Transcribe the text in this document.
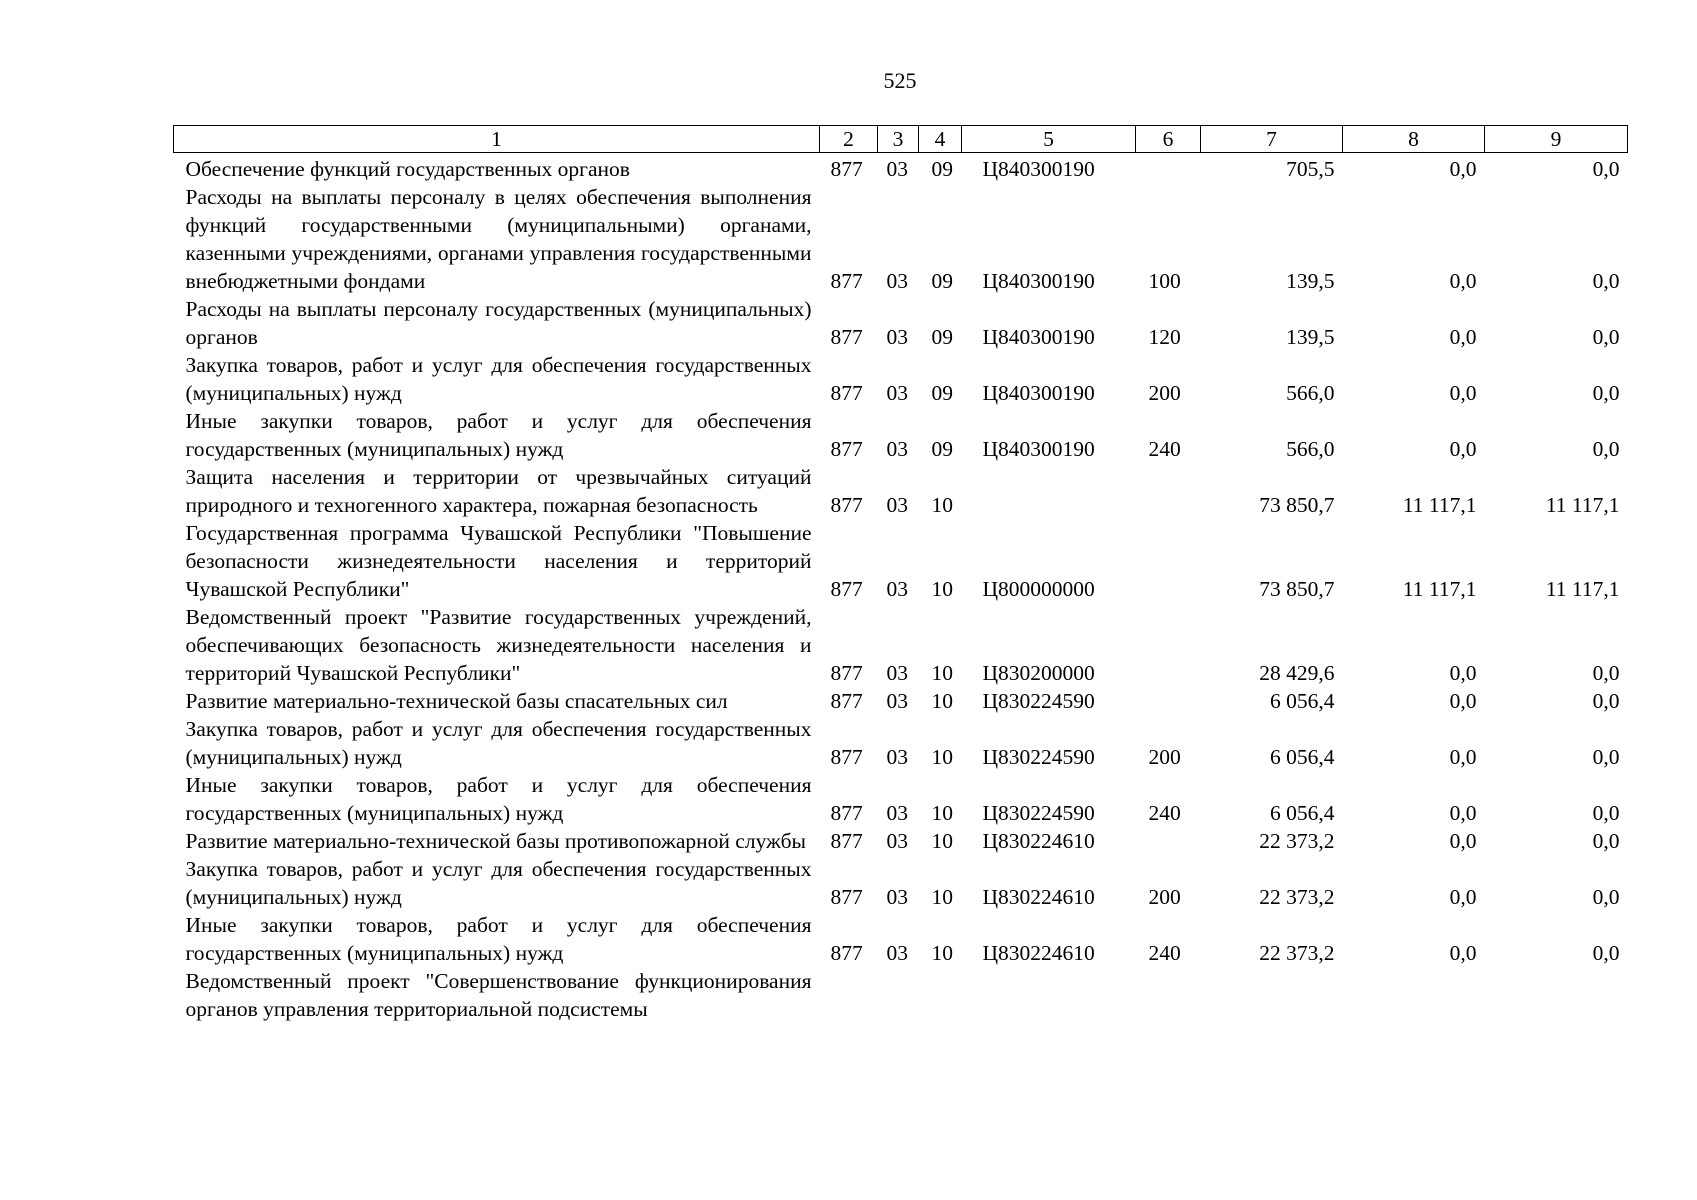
525
1	2	3	4	5	6	7	8	9
Обеспечение функций государственных органов	877	03	09	Ц840300190		705,5	0,0	0,0
Расходы на выплаты персоналу в целях обеспечения выполнения функций государственными (муниципальными) органами, казенными учреждениями, органами управления государственными внебюджетными фондами	877	03	09	Ц840300190	100	139,5	0,0	0,0
Расходы на выплаты персоналу государственных (муниципальных) органов	877	03	09	Ц840300190	120	139,5	0,0	0,0
Закупка товаров, работ и услуг для обеспечения государственных (муниципальных) нужд	877	03	09	Ц840300190	200	566,0	0,0	0,0
Иные закупки товаров, работ и услуг для обеспечения государственных (муниципальных) нужд	877	03	09	Ц840300190	240	566,0	0,0	0,0
Защита населения и территории от чрезвычайных ситуаций природного и техногенного характера, пожарная безопасность	877	03	10			73 850,7	11 117,1	11 117,1
Государственная программа Чувашской Республики "Повышение безопасности жизнедеятельности населения и территорий Чувашской Республики"	877	03	10	Ц800000000		73 850,7	11 117,1	11 117,1
Ведомственный проект "Развитие государственных учреждений, обеспечивающих безопасность жизнедеятельности населения и территорий Чувашской Республики"	877	03	10	Ц830200000		28 429,6	0,0	0,0
Развитие материально-технической базы спасательных сил	877	03	10	Ц830224590		6 056,4	0,0	0,0
Закупка товаров, работ и услуг для обеспечения государственных (муниципальных) нужд	877	03	10	Ц830224590	200	6 056,4	0,0	0,0
Иные закупки товаров, работ и услуг для обеспечения государственных (муниципальных) нужд	877	03	10	Ц830224590	240	6 056,4	0,0	0,0
Развитие материально-технической базы противопожарной службы	877	03	10	Ц830224610		22 373,2	0,0	0,0
Закупка товаров, работ и услуг для обеспечения государственных (муниципальных) нужд	877	03	10	Ц830224610	200	22 373,2	0,0	0,0
Иные закупки товаров, работ и услуг для обеспечения государственных (муниципальных) нужд	877	03	10	Ц830224610	240	22 373,2	0,0	0,0
Ведомственный проект "Совершенствование функционирования органов управления территориальной подсистемы								
